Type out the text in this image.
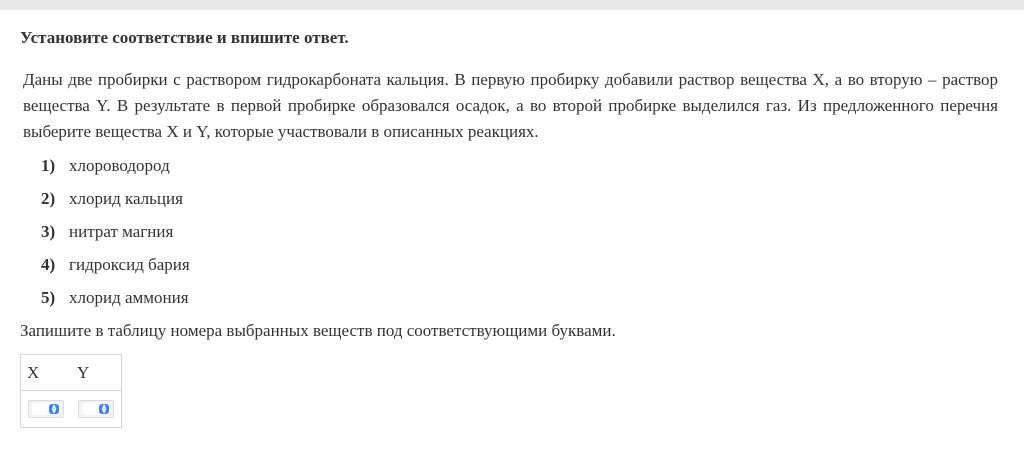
Установите соответствие и впишите ответ.
Даны две пробирки с раствором гидрокарбоната кальция. В первую пробирку добавили раствор вещества X, а во вторую – раствор вещества Y. В результате в первой пробирке образовался осадок, а во второй пробирке выделился газ. Из предложенного перечня выберите вещества X и Y, которые участвовали в описанных реакциях.
1) хлороводород
2) хлорид кальция
3) нитрат магния
4) гидроксид бария
5) хлорид аммония
Запишите в таблицу номера выбранных веществ под соответствующими буквами.
X Y
▲
▼
▲
▼
